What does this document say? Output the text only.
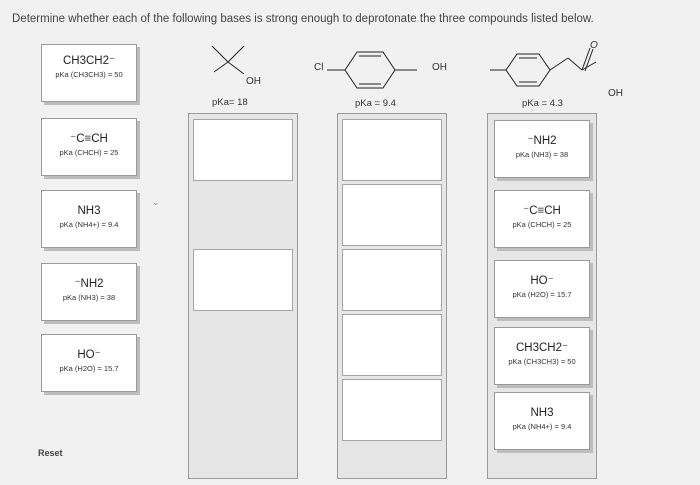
Determine whether each of the following bases is strong enough to deprotonate the three compounds listed below.
OH
pKa= 18
Cl	OH
pKa = 9.4
O
OH
pKa = 4.3
CH3CH2⁻
pKa (CH3CH3) = 50
⁻C≡CH
pKa (CHCH) = 25
NH3
pKa (NH4+) = 9.4
⁻NH2
pKa (NH3) = 38
HO⁻
pKa (H2O) = 15.7
⌄
⁻NH2
pKa (NH3) = 38
⁻C≡CH
pKa (CHCH) = 25
HO⁻
pKa (H2O) = 15.7
CH3CH2⁻
pKa (CH3CH3) = 50
NH3
pKa (NH4+) = 9.4
Reset
